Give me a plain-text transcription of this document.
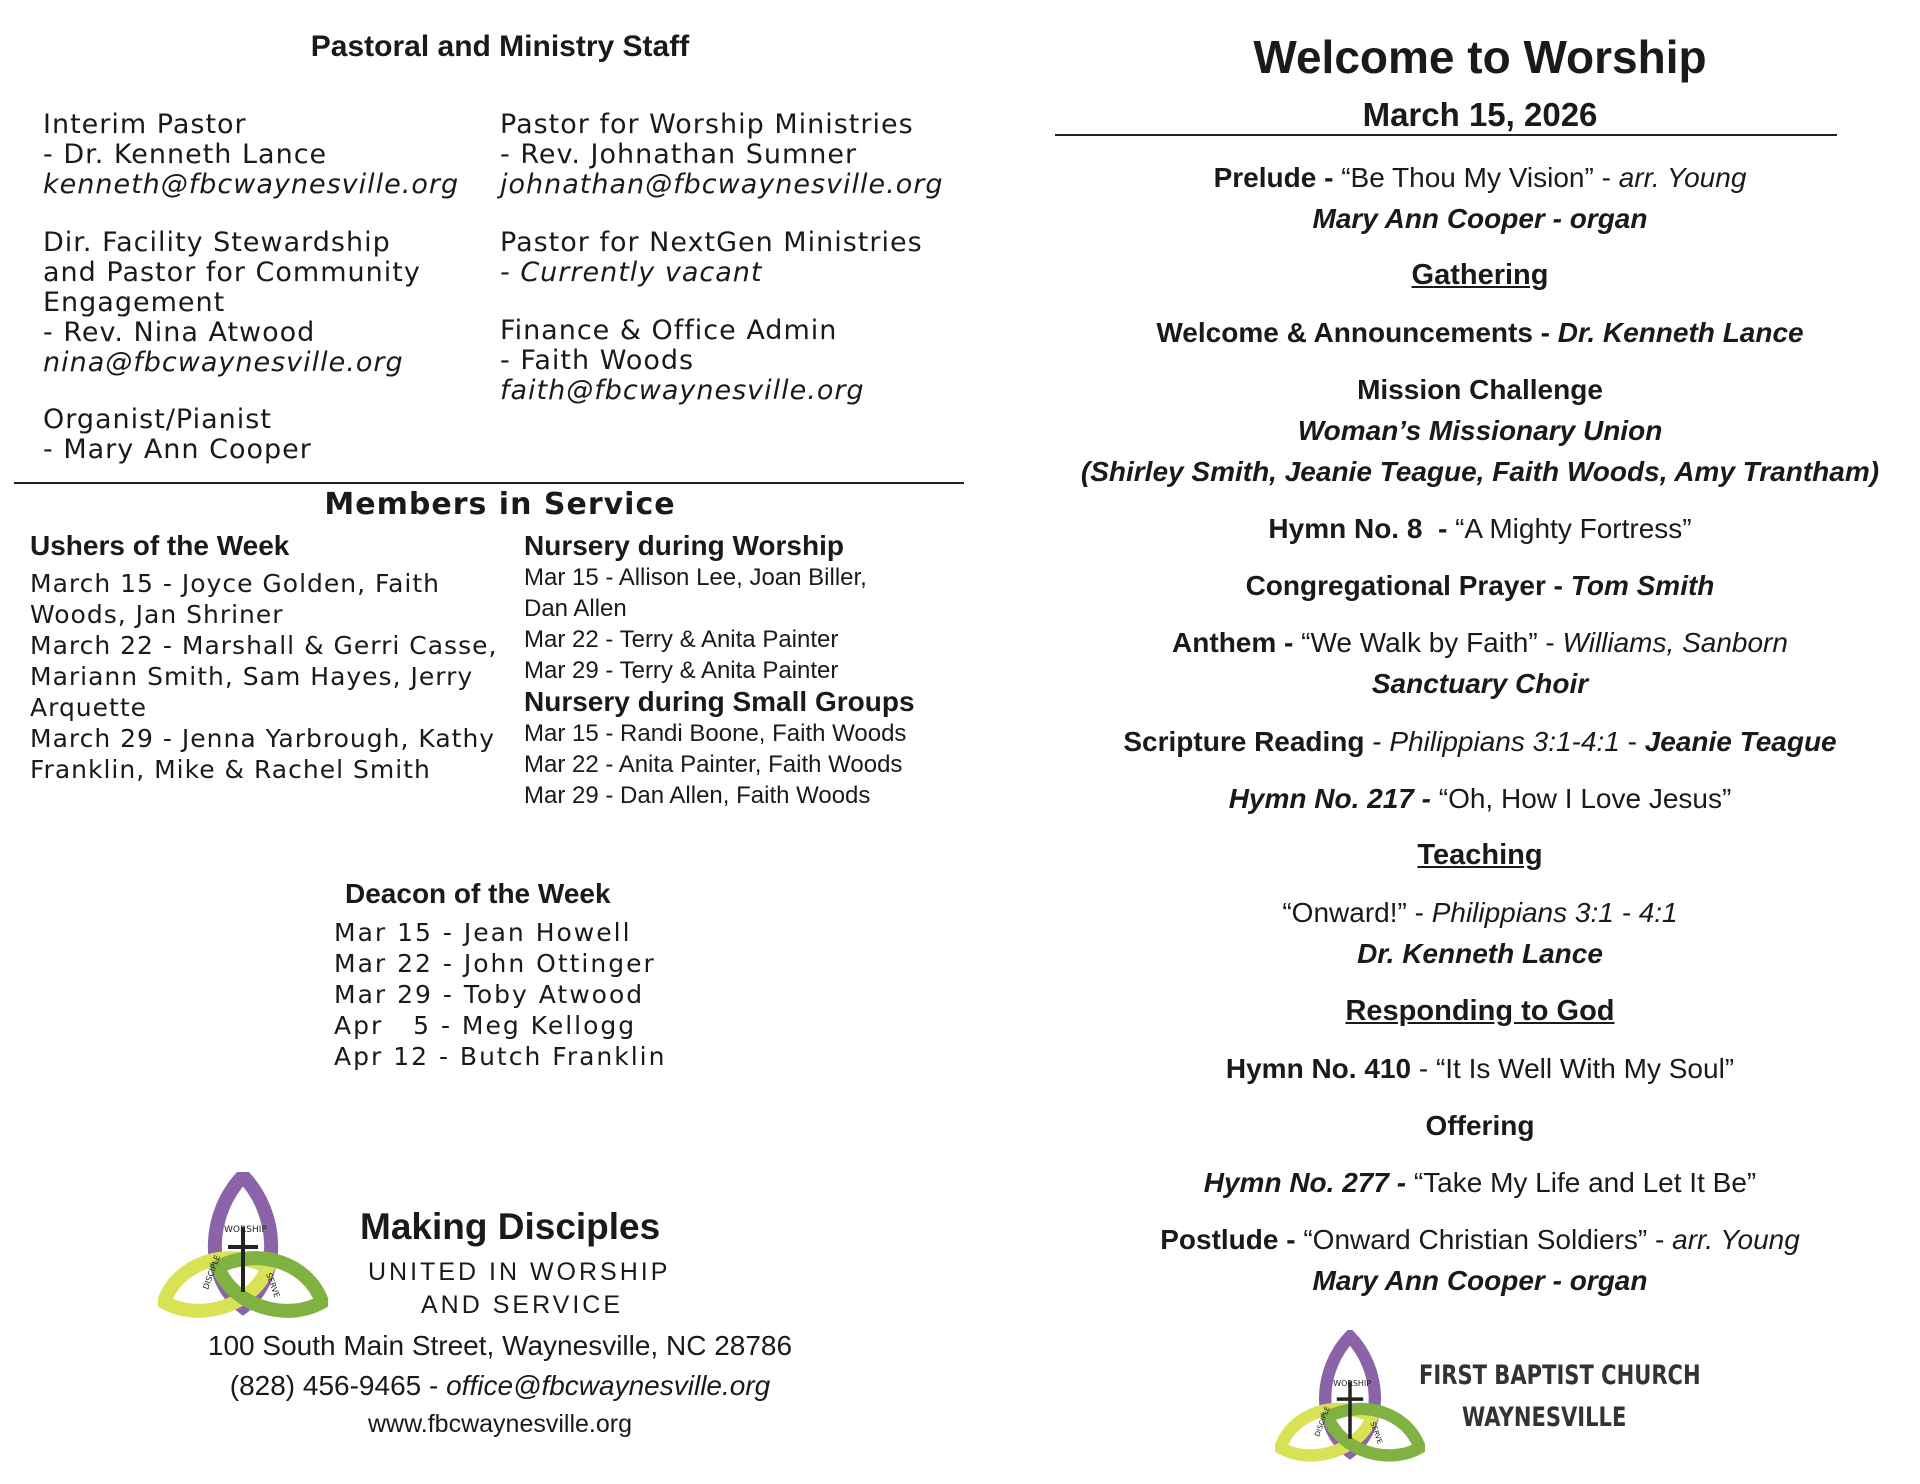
Pastoral and Ministry Staff
Interim Pastor
- Dr. Kenneth Lance
kenneth@fbcwaynesville.org
Dir. Facility Stewardship
and Pastor for Community
Engagement
- Rev. Nina Atwood
nina@fbcwaynesville.org
Organist/Pianist
- Mary Ann Cooper
Pastor for Worship Ministries
- Rev. Johnathan Sumner
johnathan@fbcwaynesville.org
Pastor for NextGen Ministries
- Currently vacant
Finance & Office Admin
- Faith Woods
faith@fbcwaynesville.org
Members in Service
Ushers of the Week
March 15 - Joyce Golden, Faith
Woods, Jan Shriner
March 22 - Marshall & Gerri Casse,
Mariann Smith, Sam Hayes, Jerry
Arquette
March 29 - Jenna Yarbrough, Kathy
Franklin, Mike & Rachel Smith
Nursery during Worship
Mar 15 - Allison Lee, Joan Biller,
Dan Allen
Mar 22 - Terry & Anita Painter
Mar 29 - Terry & Anita Painter
Nursery during Small Groups
Mar 15 - Randi Boone, Faith Woods
Mar 22 - Anita Painter, Faith Woods
Mar 29 - Dan Allen, Faith Woods
Deacon of the Week
Mar 15 - Jean Howell
Mar 22 - John Ottinger
Mar 29 - Toby Atwood
Apr   5 - Meg Kellogg
Apr 12 - Butch Franklin
WORSHIP
SERVE
DISCIPLE
Making Disciples
UNITED IN WORSHIP
AND SERVICE
100 South Main Street, Waynesville, NC 28786
(828) 456-9465 - office@fbcwaynesville.org
www.fbcwaynesville.org
Welcome to Worship
March 15, 2026
Prelude - “Be Thou My Vision” - arr. Young
Mary Ann Cooper - organ
Gathering
Welcome & Announcements - Dr. Kenneth Lance
Mission Challenge
Woman’s Missionary Union
(Shirley Smith, Jeanie Teague, Faith Woods, Amy Trantham)
Hymn No. 8  - “A Mighty Fortress”
Congregational Prayer - Tom Smith
Anthem - “We Walk by Faith” - Williams, Sanborn
Sanctuary Choir
Scripture Reading - Philippians 3:1-4:1 - Jeanie Teague
Hymn No. 217 - “Oh, How I Love Jesus”
Teaching
“Onward!” - Philippians 3:1 - 4:1
Dr. Kenneth Lance
Responding to God
Hymn No. 410 - “It Is Well With My Soul”
Offering
Hymn No. 277 - “Take My Life and Let It Be”
Postlude - “Onward Christian Soldiers” - arr. Young
Mary Ann Cooper - organ
WORSHIP
SERVE
DISCIPLE
FIRST BAPTIST CHURCH
WAYNESVILLE
